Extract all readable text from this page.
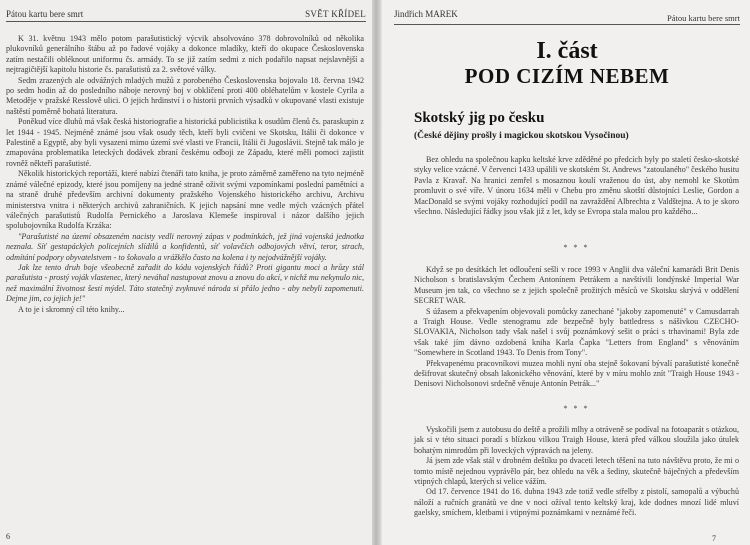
Pátou kartu bere smrt	SVĚT KŘÍDEL

K 31. květnu 1943 mělo potom parašutistický výcvik absolvováno 378 dobrovolníků od několika plukovníků generálního štábu až po řadové vojáky a dokonce mladíky, kteří do okupace Československa zatím nestačili obléknout uniformu čs. armády. To se již zatím sedmi z nich podařilo napsat nejslavnější a nejtragičtější kapitolu historie čs. parašutistů za 2. světové války.

Sedm zrazených ale odvážných mladých mužů z porobeného Československa bojovalo 18. června 1942 po sedm hodin až do posledního náboje nerovný boj v obklíčení proti 400 obléhatelům v kostele Cyrila a Metoděje v pražské Resslově ulici. O jejich hrdinství i o historii prvních výsadků v okupované vlasti existuje naštěstí poměrně bohatá literatura.

Poněkud více dluhů má však česká historiografie a historická publicistika k osudům členů čs. paraskupin z let 1944 - 1945. Nejméně známé jsou však osudy těch, kteří byli cvičeni ve Skotsku, Itálii či dokonce v Palestině a Egyptě, aby byli vysazeni mimo území své vlasti ve Francii, Itálii či Jugoslávii. Stejně tak málo je zmapována problematika leteckých dodávek zbraní českému odboji ze Západu, které měli pomoci zajistit rovněž někteří parašutisté.

Několik historických reportáží, které nabízí čtenáři tato kniha, je proto záměrně zaměřeno na tyto nejméně známé válečné epizody, které jsou pomíjeny na jedné straně oživit svými vzpomínkami poslední pamětníci a na straně druhé především archivní dokumenty pražského Vojenského historického archivu, Archivu ministerstva vnitra i některých archivů zahraničních. K jejich napsání mne vedle mých vzácných přátel válečných parašutistů Rudolfa Pernického a Jaroslava Klemeše inspiroval i názor dalšího jejich spolubojovníka Rudolfa Krzáka:

"Parašutisté na území obsazeném nacisty vedli nerovný zápas v podmínkách, jež jiná vojenská jednotka neznala. Síť gestapáckých policejních slídilů a konfidentů, síť volavčích odbojových větví, teror, strach, odmítání podpory obyvatelstvem - to šokovalo a vrážkělo často na kolena i ty nejodvážnější vojáky.

Jak lze tento druh boje všeobecně zařadit do kódu vojenských řádů? Proti gigantu moci a hrůzy stál parašutista - prostý voják vlastenec, který neváhal nastupovat znovu a znovu do akcí, v nichž mu nekynulo nic, než maximální životnost šestí mýdel. Táto statečný zvyknuvé národa si přálo jedno - aby nebyli zapomenuti. Dejme jim, co jejich je!"

A to je i skromný cíl této knihy...

6
Jindřich MAREK	Pátou kartu bere smrt
I. část
POD CIZÍM NEBEM
Skotský jig po česku
(České dějiny prošly i magickou skotskou Vysočinou)

Bez ohledu na společnou kapku keltské krve zděděné po předcích byly po staletí česko-skotské styky velice vzácné. V červenci 1433 upálili ve skotském St. Andrews "zatoulaného" českého husitu Pavla z Kravař. Na hranici zemřel s mosaznou koulí vraženou do úst, aby nemohl ke Skotům promluvit o své víře. V únoru 1634 měli v Chebu pro změnu skotští důstojníci Leslie, Gordon a MacDonald se svými vojáky rozhodující podíl na zavraždění Albrechta z Valdštejna. A to je skoro všechno. Následující řádky jsou však již z let, kdy se Evropa stala malou pro každého...

* * *

Když se po desítkách let odloučení sešli v roce 1993 v Anglii dva váleční kamarádi Brit Denis Nicholson s bratislavským Čechem Antonínem Petrákem a navštívili londýnské Imperial War Museum jen tak, co všechno se z jejich společně prožitých měsíců ve Skotsku skrývá v oddělení SECRET WAR.

S úžasem a překvapením objevovali pomůcky zanechané "jakoby zapomenuté" v Camusdarrah a Traigh House. Vedle stenogramu zde bezpečně byly battledress s nášivkou CZECHO-SLOVAKIA, Nicholson tady však našel i svůj poznámkový sešit o práci s trhavinami! Byla zde však také jím dávno ozdobená kniha Karla Čapka "Letters from England" s věnováním "Somewhere in Scotland 1943. To Denis from Tony".

Překvapenému pracovníkovi muzea mohli nyní oba stejně šokovaní bývalí parašutisté konečně dešifrovat skutečný obsah lakonického věnování, které by v míru mohlo znít "Traigh House 1943 - Denisovi Nicholsonovi srdečně věnuje Antonín Petrák..."

* * *

Vyskočili jsem z autobusu do deště a prožili mlhy a otráveně se podíval na fotoaparát s otázkou, jak si v této situaci poradí s blízkou vilkou Traigh House, která před válkou sloužila jako útulek bohatým nimrodům při loveckých výpravách na jeleny.

Já jsem zde však stál v drobném deštíku po dvaceti letech těšení na tuto návštěvu proto, že mi o tomto místě nejednou vyprávělo pár, bez ohledu na věk a šediny, skutečně báječných a především vtipných chlapů, kterých si velice vážím.

Od 17. července 1941 do 16. dubna 1943 zde totiž vedle střelby z pistolí, samopalů a výbuchů náloží a ručních granátů ve dne v noci ožíval tento keltský kraj, kde dodnes mnozí lidé mluví gaelsky, smíchem, kletbami i vtipnými poznámkami v neznámé řeči.

7
